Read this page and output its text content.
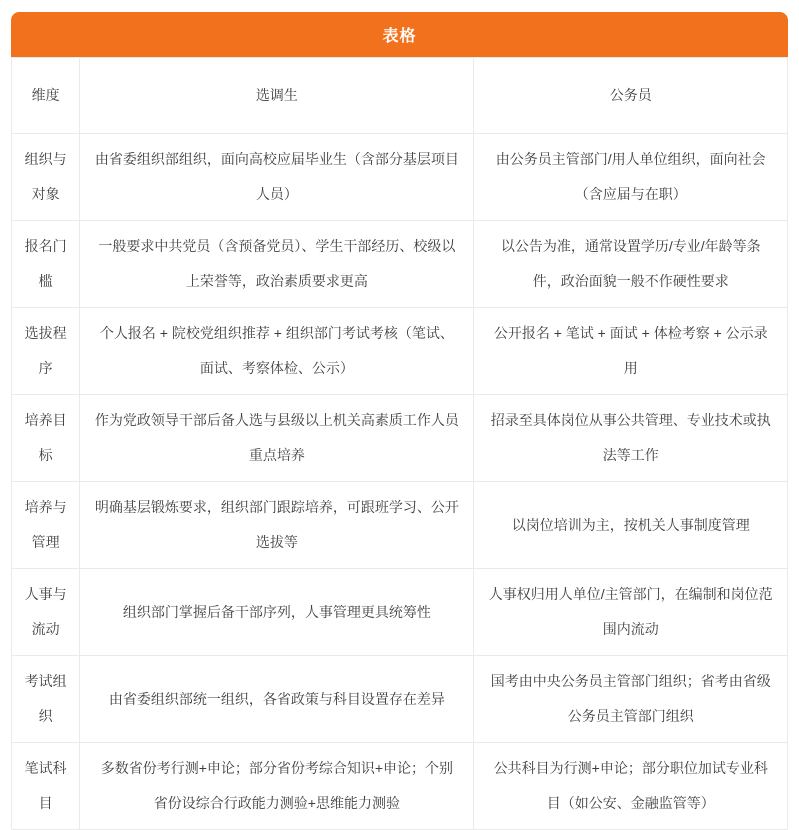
表格
维度	选调生	公务员
组织与对象	由省委组织部组织，面向高校应届毕业生（含部分基层项目人员）	由公务员主管部门/用人单位组织，面向社会（含应届与在职）
报名门槛	一般要求中共党员（含预备党员）、学生干部经历、校级以上荣誉等，政治素质要求更高	以公告为准，通常设置学历/专业/年龄等条件，政治面貌一般不作硬性要求
选拔程序	个人报名 + 院校党组织推荐 + 组织部门考试考核（笔试、面试、考察体检、公示）	公开报名 + 笔试 + 面试 + 体检考察 + 公示录用
培养目标	作为党政领导干部后备人选与县级以上机关高素质工作人员重点培养	招录至具体岗位从事公共管理、专业技术或执法等工作
培养与管理	明确基层锻炼要求，组织部门跟踪培养，可跟班学习、公开选拔等	以岗位培训为主，按机关人事制度管理
人事与流动	组织部门掌握后备干部序列，人事管理更具统筹性	人事权归用人单位/主管部门，在编制和岗位范围内流动
考试组织	由省委组织部统一组织，各省政策与科目设置存在差异	国考由中央公务员主管部门组织；省考由省级公务员主管部门组织
笔试科目	多数省份考行测+申论；部分省份考综合知识+申论；个别省份设综合行政能力测验+思维能力测验	公共科目为行测+申论；部分职位加试专业科目（如公安、金融监管等）
